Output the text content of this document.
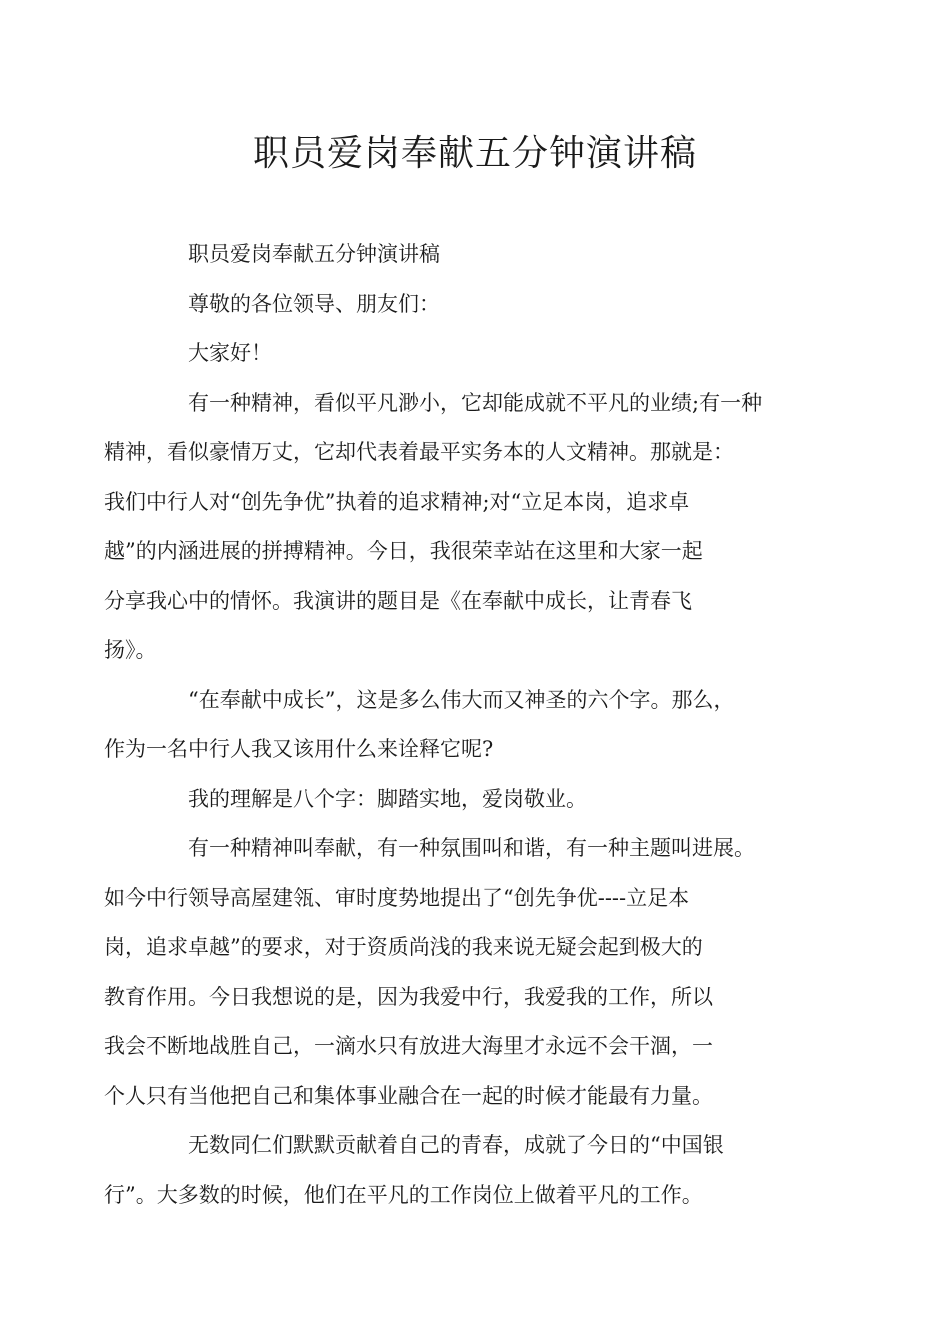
职员爱岗奉献五分钟演讲稿

职员爱岗奉献五分钟演讲稿

尊敬的各位领导、朋友们：

大家好！

有一种精神，看似平凡渺小，它却能成就不平凡的业绩;有一种
精神，看似豪情万丈，它却代表着最平实务本的人文精神。那就是：
我们中行人对“创先争优”执着的追求精神;对“立足本岗，追求卓
越”的内涵进展的拼搏精神。今日，我很荣幸站在这里和大家一起
分享我心中的情怀。我演讲的题目是《在奉献中成长，让青春飞
扬》。

“在奉献中成长”，这是多么伟大而又神圣的六个字。那么，
作为一名中行人我又该用什么来诠释它呢?

我的理解是八个字：脚踏实地，爱岗敬业。

有一种精神叫奉献，有一种氛围叫和谐，有一种主题叫进展。
如今中行领导高屋建瓴、审时度势地提出了“创先争优----立足本
岗，追求卓越”的要求，对于资质尚浅的我来说无疑会起到极大的
教育作用。今日我想说的是，因为我爱中行，我爱我的工作，所以
我会不断地战胜自己，一滴水只有放进大海里才永远不会干涸，一
个人只有当他把自己和集体事业融合在一起的时候才能最有力量。

无数同仁们默默贡献着自己的青春，成就了今日的“中国银
行”。大多数的时候，他们在平凡的工作岗位上做着平凡的工作。
